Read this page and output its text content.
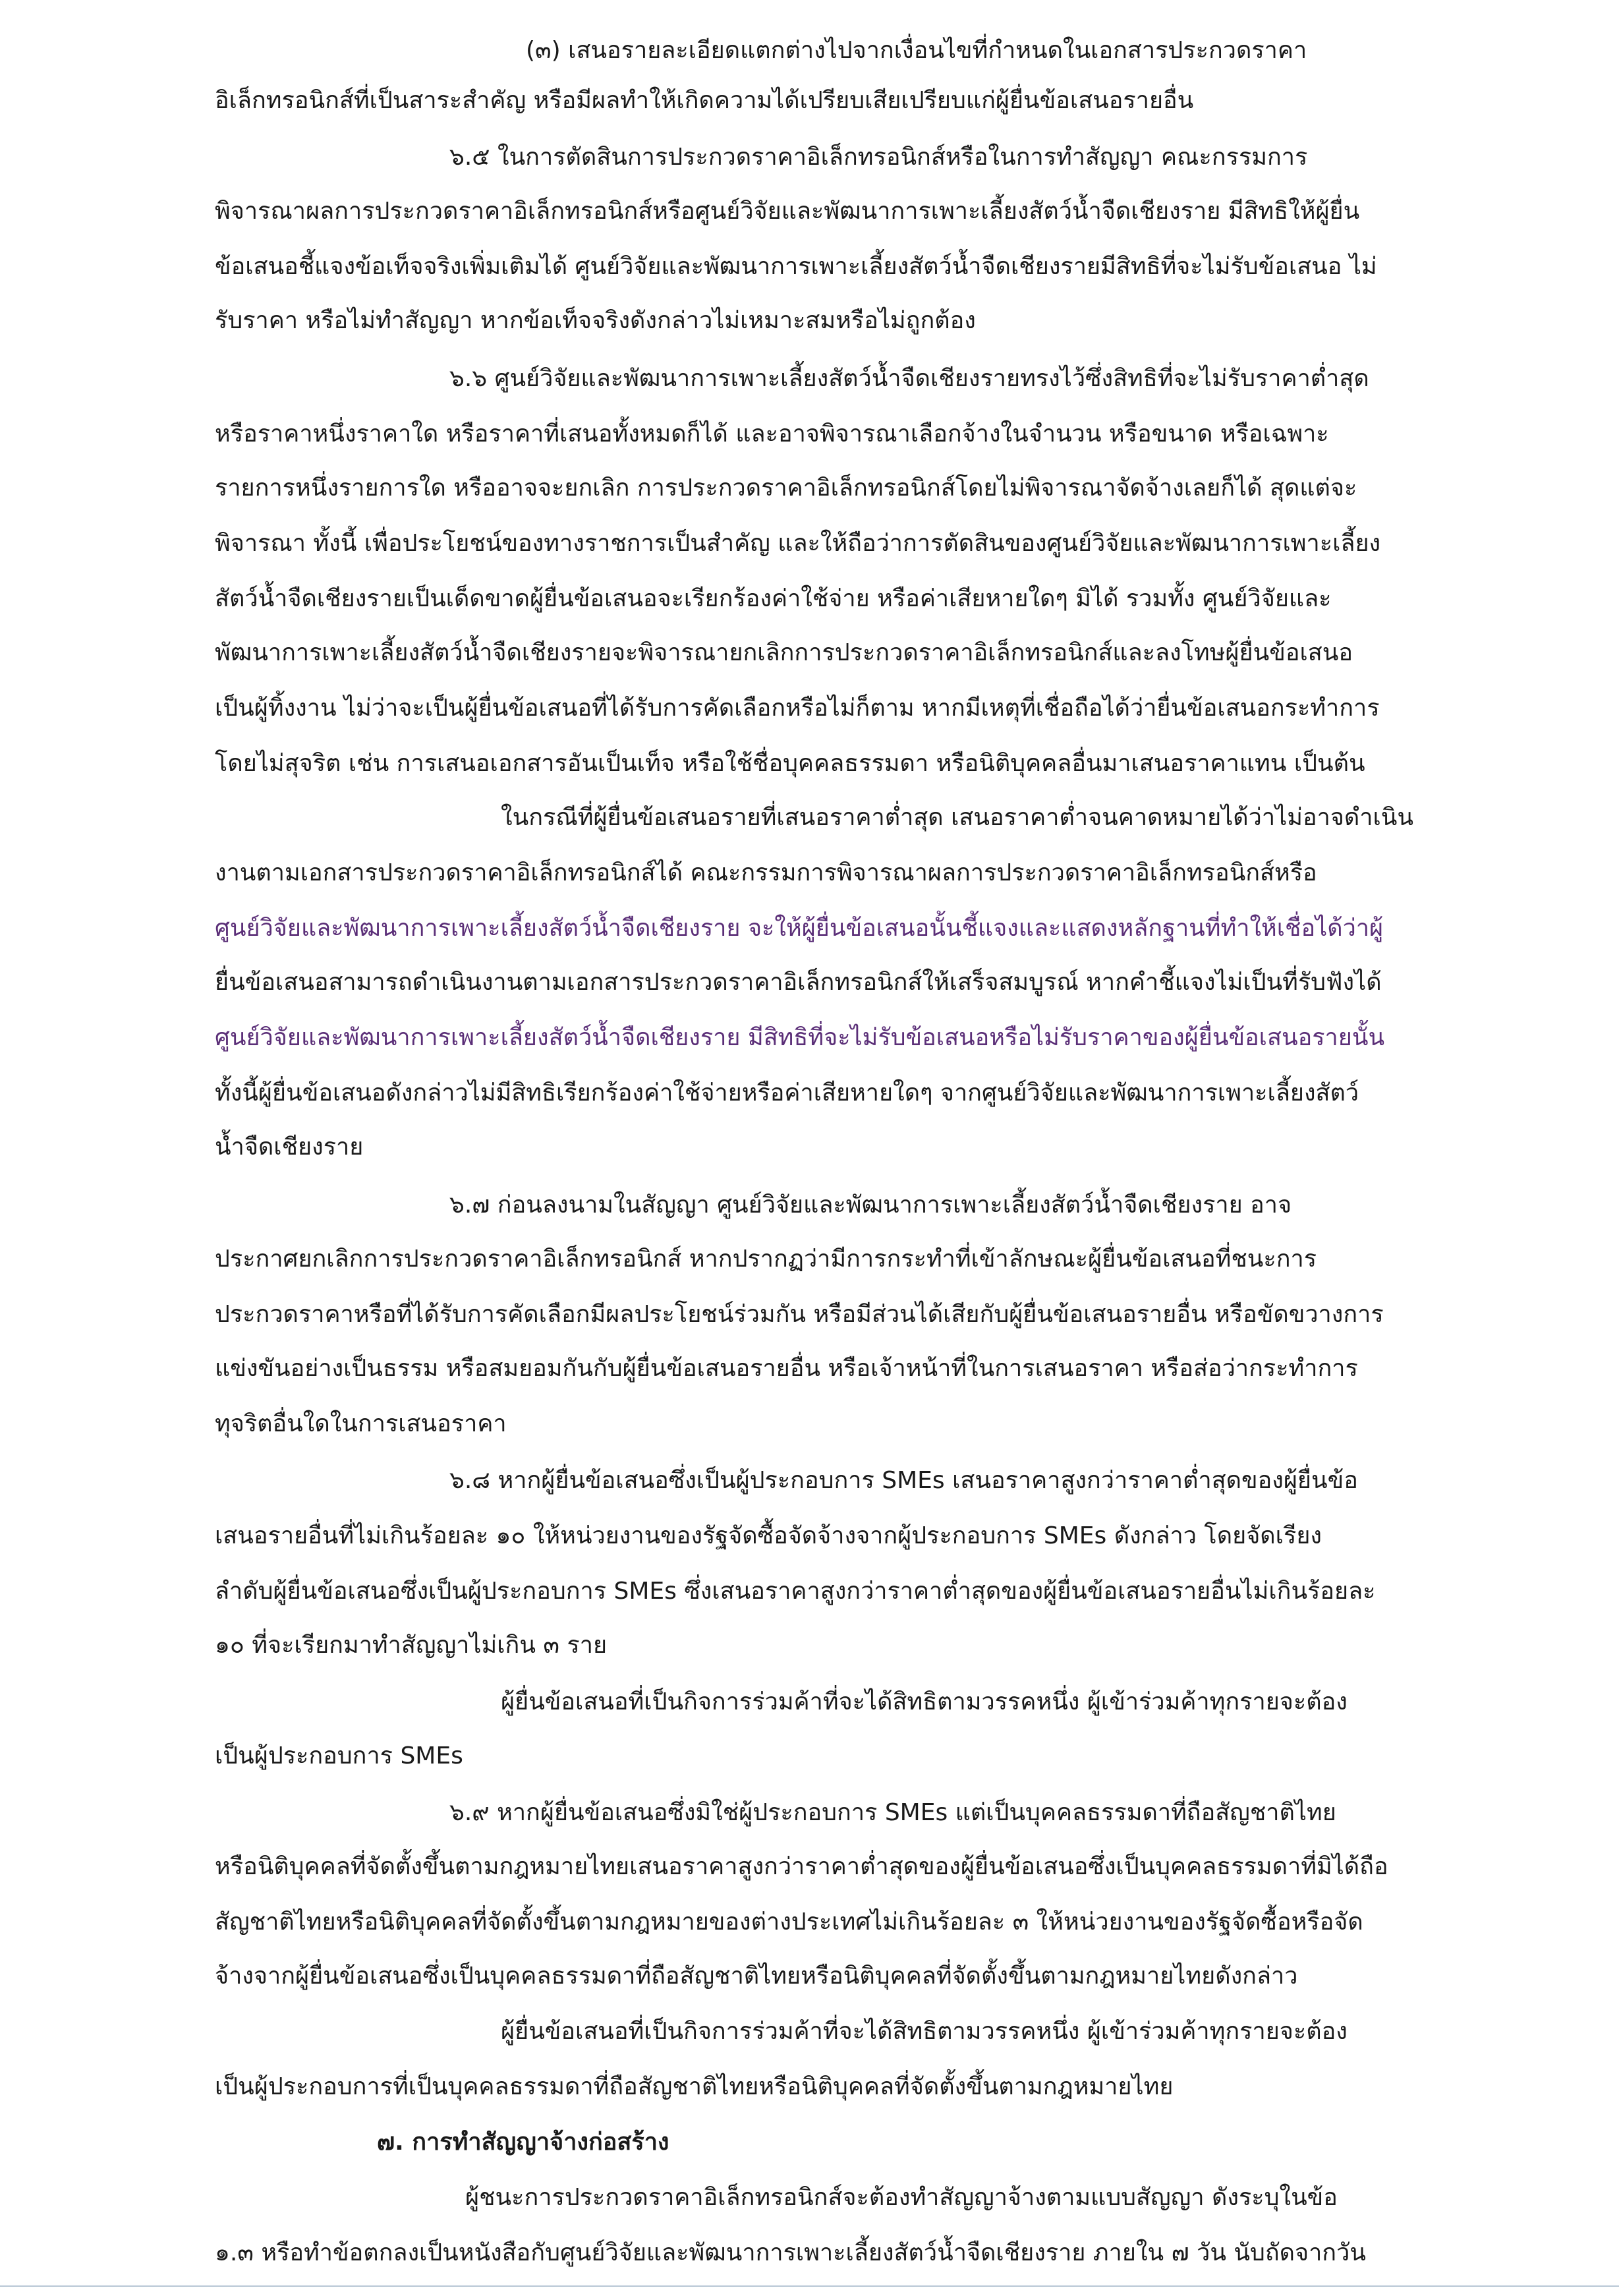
(๓) เสนอรายละเอียดแตกต่างไปจากเงื่อนไขที่กำหนดในเอกสารประกวดราคา
อิเล็กทรอนิกส์ที่เป็นสาระสำคัญ หรือมีผลทำให้เกิดความได้เปรียบเสียเปรียบแก่ผู้ยื่นข้อเสนอรายอื่น
๖.๕ ในการตัดสินการประกวดราคาอิเล็กทรอนิกส์หรือในการทำสัญญา คณะกรรมการ
พิจารณาผลการประกวดราคาอิเล็กทรอนิกส์หรือศูนย์วิจัยและพัฒนาการเพาะเลี้ยงสัตว์น้ำจืดเชียงราย มีสิทธิให้ผู้ยื่น
ข้อเสนอชี้แจงข้อเท็จจริงเพิ่มเติมได้ ศูนย์วิจัยและพัฒนาการเพาะเลี้ยงสัตว์น้ำจืดเชียงรายมีสิทธิที่จะไม่รับข้อเสนอ ไม่
รับราคา หรือไม่ทำสัญญา หากข้อเท็จจริงดังกล่าวไม่เหมาะสมหรือไม่ถูกต้อง
๖.๖ ศูนย์วิจัยและพัฒนาการเพาะเลี้ยงสัตว์น้ำจืดเชียงรายทรงไว้ซึ่งสิทธิที่จะไม่รับราคาต่ำสุด
หรือราคาหนึ่งราคาใด หรือราคาที่เสนอทั้งหมดก็ได้ และอาจพิจารณาเลือกจ้างในจำนวน หรือขนาด หรือเฉพาะ
รายการหนึ่งรายการใด หรืออาจจะยกเลิก การประกวดราคาอิเล็กทรอนิกส์โดยไม่พิจารณาจัดจ้างเลยก็ได้ สุดแต่จะ
พิจารณา ทั้งนี้ เพื่อประโยชน์ของทางราชการเป็นสำคัญ และให้ถือว่าการตัดสินของศูนย์วิจัยและพัฒนาการเพาะเลี้ยง
สัตว์น้ำจืดเชียงรายเป็นเด็ดขาดผู้ยื่นข้อเสนอจะเรียกร้องค่าใช้จ่าย หรือค่าเสียหายใดๆ มิได้ รวมทั้ง ศูนย์วิจัยและ
พัฒนาการเพาะเลี้ยงสัตว์น้ำจืดเชียงรายจะพิจารณายกเลิกการประกวดราคาอิเล็กทรอนิกส์และลงโทษผู้ยื่นข้อเสนอ
เป็นผู้ทิ้งงาน ไม่ว่าจะเป็นผู้ยื่นข้อเสนอที่ได้รับการคัดเลือกหรือไม่ก็ตาม หากมีเหตุที่เชื่อถือได้ว่ายื่นข้อเสนอกระทำการ
โดยไม่สุจริต เช่น การเสนอเอกสารอันเป็นเท็จ หรือใช้ชื่อบุคคลธรรมดา หรือนิติบุคคลอื่นมาเสนอราคาแทน เป็นต้น
ในกรณีที่ผู้ยื่นข้อเสนอรายที่เสนอราคาต่ำสุด เสนอราคาต่ำจนคาดหมายได้ว่าไม่อาจดำเนิน
งานตามเอกสารประกวดราคาอิเล็กทรอนิกส์ได้ คณะกรรมการพิจารณาผลการประกวดราคาอิเล็กทรอนิกส์หรือ
ศูนย์วิจัยและพัฒนาการเพาะเลี้ยงสัตว์น้ำจืดเชียงราย จะให้ผู้ยื่นข้อเสนอนั้นชี้แจงและแสดงหลักฐานที่ทำให้เชื่อได้ว่าผู้
ยื่นข้อเสนอสามารถดำเนินงานตามเอกสารประกวดราคาอิเล็กทรอนิกส์ให้เสร็จสมบูรณ์ หากคำชี้แจงไม่เป็นที่รับฟังได้
ศูนย์วิจัยและพัฒนาการเพาะเลี้ยงสัตว์น้ำจืดเชียงราย มีสิทธิที่จะไม่รับข้อเสนอหรือไม่รับราคาของผู้ยื่นข้อเสนอรายนั้น
ทั้งนี้ผู้ยื่นข้อเสนอดังกล่าวไม่มีสิทธิเรียกร้องค่าใช้จ่ายหรือค่าเสียหายใดๆ จากศูนย์วิจัยและพัฒนาการเพาะเลี้ยงสัตว์
น้ำจืดเชียงราย
๖.๗ ก่อนลงนามในสัญญา ศูนย์วิจัยและพัฒนาการเพาะเลี้ยงสัตว์น้ำจืดเชียงราย อาจ
ประกาศยกเลิกการประกวดราคาอิเล็กทรอนิกส์ หากปรากฏว่ามีการกระทำที่เข้าลักษณะผู้ยื่นข้อเสนอที่ชนะการ
ประกวดราคาหรือที่ได้รับการคัดเลือกมีผลประโยชน์ร่วมกัน หรือมีส่วนได้เสียกับผู้ยื่นข้อเสนอรายอื่น หรือขัดขวางการ
แข่งขันอย่างเป็นธรรม หรือสมยอมกันกับผู้ยื่นข้อเสนอรายอื่น หรือเจ้าหน้าที่ในการเสนอราคา หรือส่อว่ากระทำการ
ทุจริตอื่นใดในการเสนอราคา
๖.๘ หากผู้ยื่นข้อเสนอซึ่งเป็นผู้ประกอบการ SMEs เสนอราคาสูงกว่าราคาต่ำสุดของผู้ยื่นข้อ
เสนอรายอื่นที่ไม่เกินร้อยละ ๑๐ ให้หน่วยงานของรัฐจัดซื้อจัดจ้างจากผู้ประกอบการ SMEs ดังกล่าว โดยจัดเรียง
ลำดับผู้ยื่นข้อเสนอซึ่งเป็นผู้ประกอบการ SMEs ซึ่งเสนอราคาสูงกว่าราคาต่ำสุดของผู้ยื่นข้อเสนอรายอื่นไม่เกินร้อยละ
๑๐ ที่จะเรียกมาทำสัญญาไม่เกิน ๓ ราย
ผู้ยื่นข้อเสนอที่เป็นกิจการร่วมค้าที่จะได้สิทธิตามวรรคหนึ่ง ผู้เข้าร่วมค้าทุกรายจะต้อง
เป็นผู้ประกอบการ SMEs
๖.๙ หากผู้ยื่นข้อเสนอซึ่งมิใช่ผู้ประกอบการ SMEs แต่เป็นบุคคลธรรมดาที่ถือสัญชาติไทย
หรือนิติบุคคลที่จัดตั้งขึ้นตามกฎหมายไทยเสนอราคาสูงกว่าราคาต่ำสุดของผู้ยื่นข้อเสนอซึ่งเป็นบุคคลธรรมดาที่มิได้ถือ
สัญชาติไทยหรือนิติบุคคลที่จัดตั้งขึ้นตามกฎหมายของต่างประเทศไม่เกินร้อยละ ๓ ให้หน่วยงานของรัฐจัดซื้อหรือจัด
จ้างจากผู้ยื่นข้อเสนอซึ่งเป็นบุคคลธรรมดาที่ถือสัญชาติไทยหรือนิติบุคคลที่จัดตั้งขึ้นตามกฎหมายไทยดังกล่าว
ผู้ยื่นข้อเสนอที่เป็นกิจการร่วมค้าที่จะได้สิทธิตามวรรคหนึ่ง ผู้เข้าร่วมค้าทุกรายจะต้อง
เป็นผู้ประกอบการที่เป็นบุคคลธรรมดาที่ถือสัญชาติไทยหรือนิติบุคคลที่จัดตั้งขึ้นตามกฎหมายไทย
๗. การทำสัญญาจ้างก่อสร้าง
ผู้ชนะการประกวดราคาอิเล็กทรอนิกส์จะต้องทำสัญญาจ้างตามแบบสัญญา ดังระบุในข้อ
๑.๓ หรือทำข้อตกลงเป็นหนังสือกับศูนย์วิจัยและพัฒนาการเพาะเลี้ยงสัตว์น้ำจืดเชียงราย ภายใน ๗ วัน นับถัดจากวัน
